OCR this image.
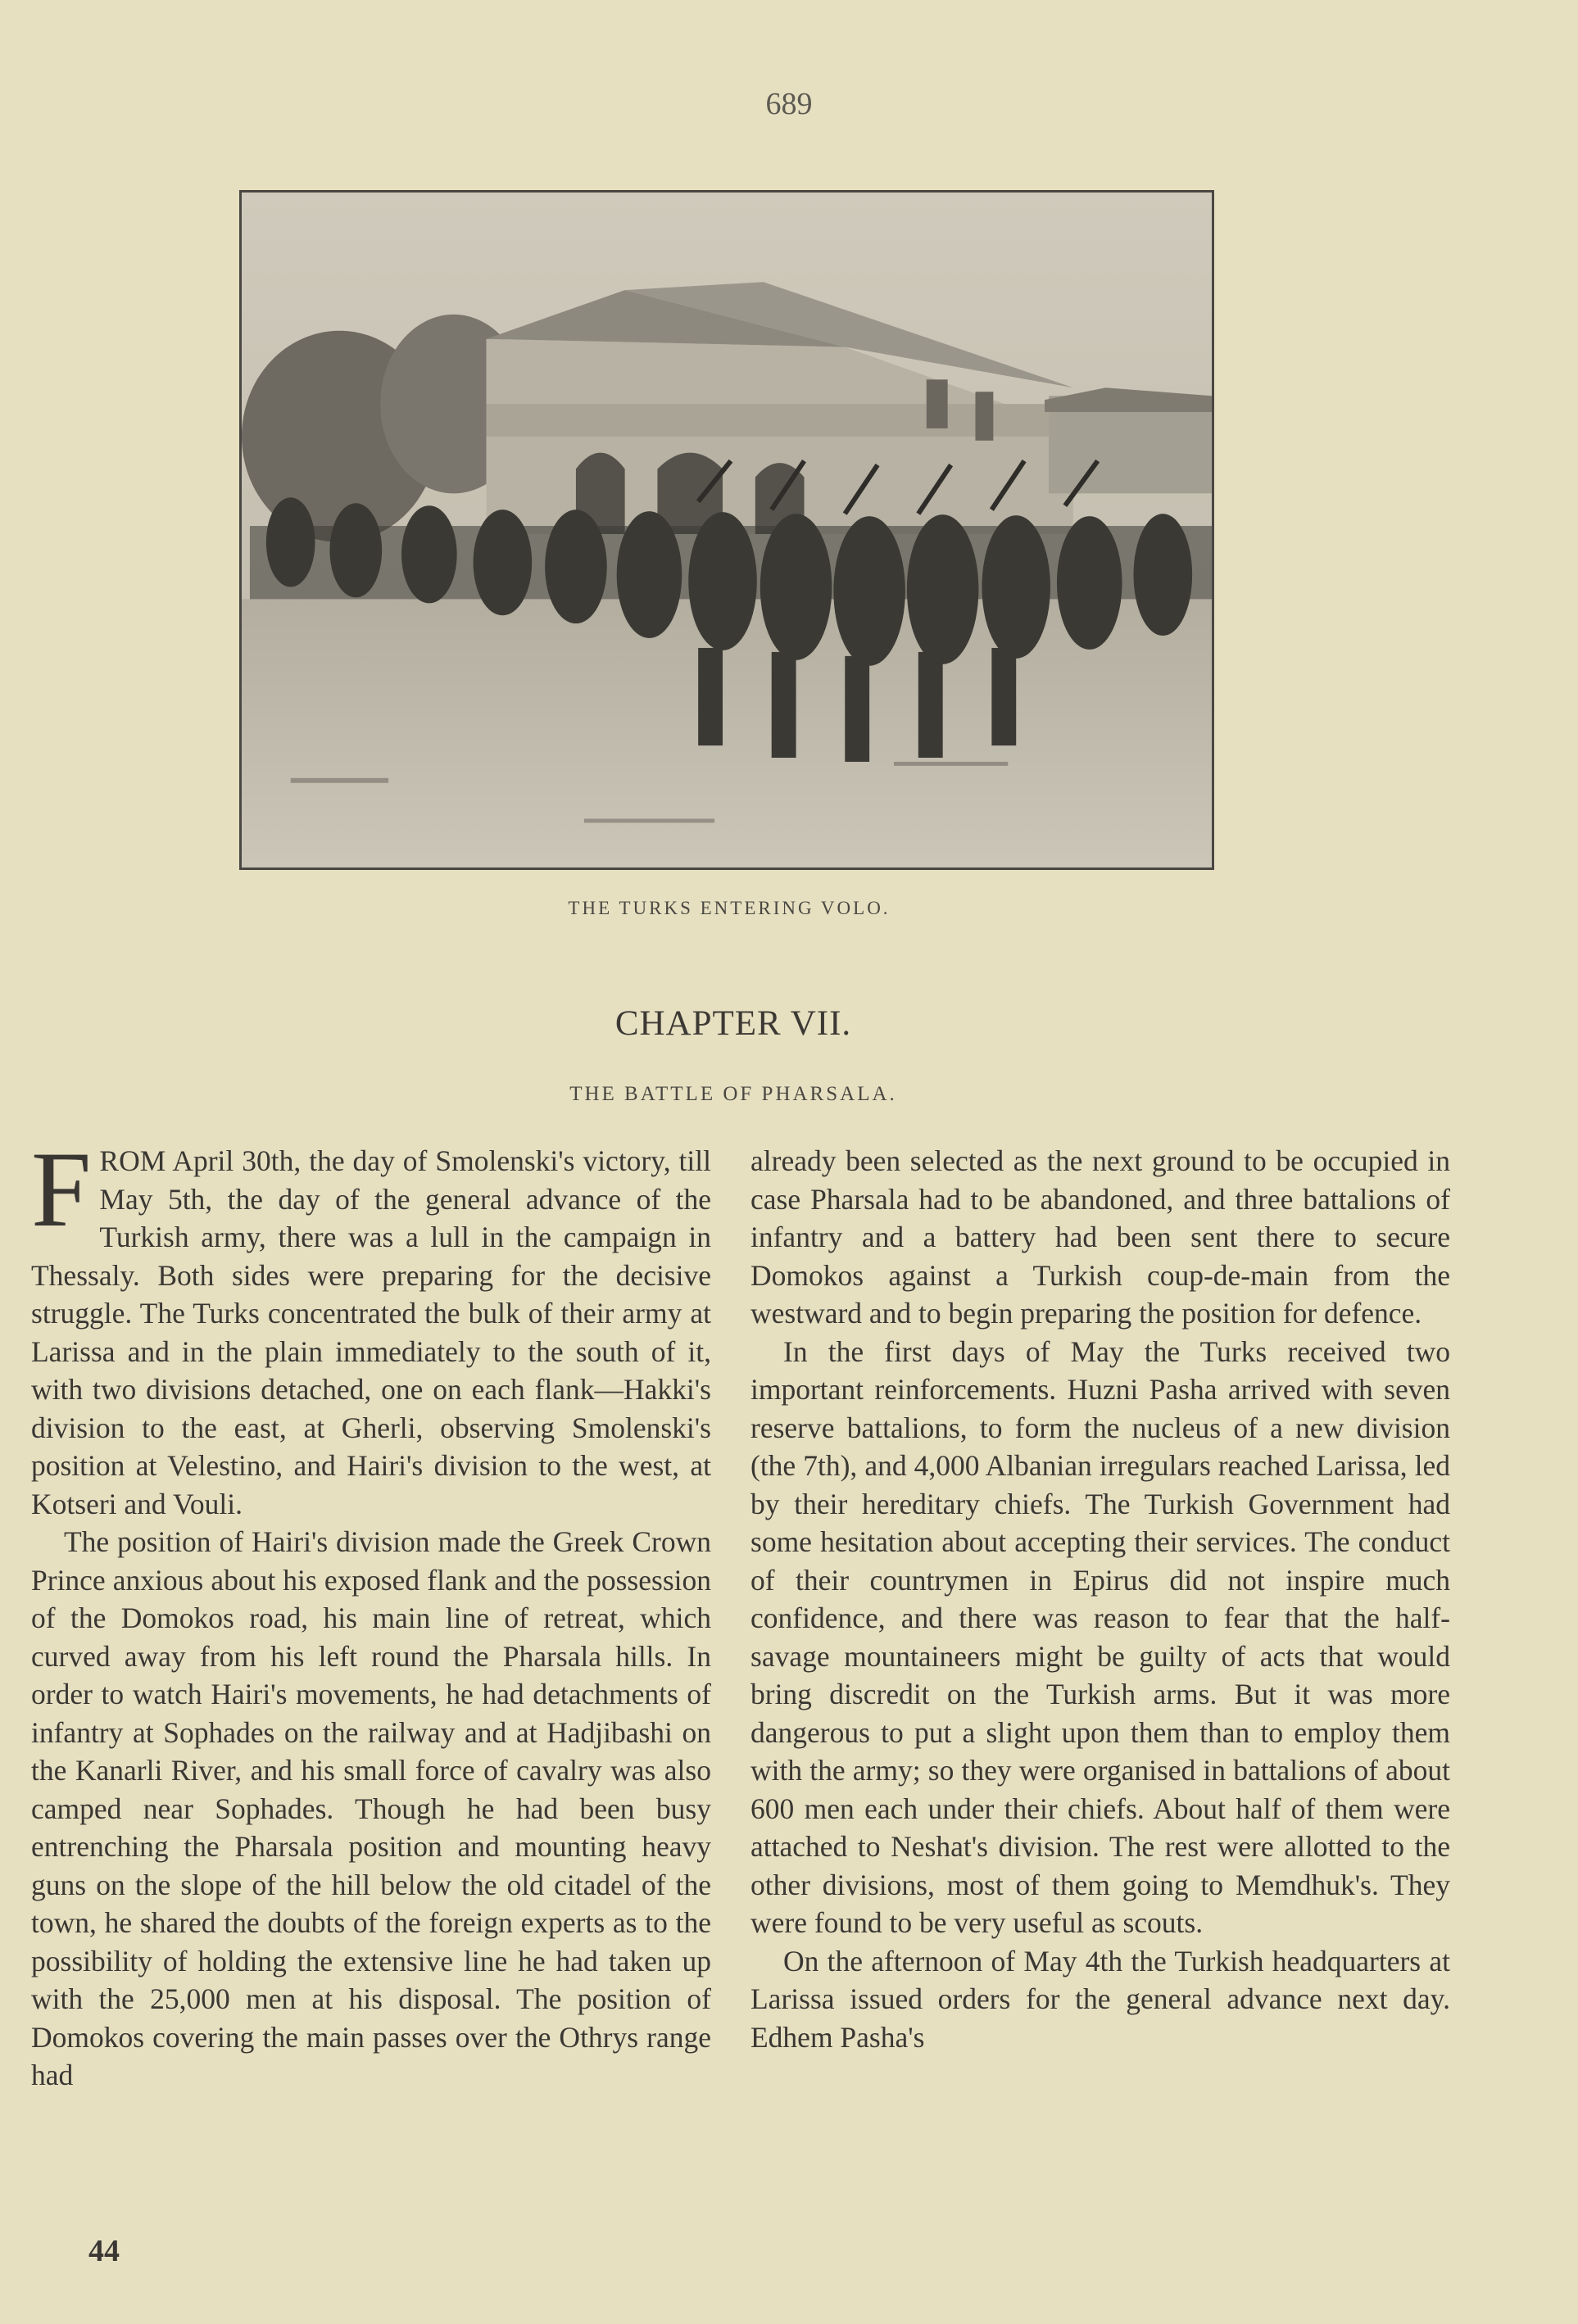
689
THE TURKS ENTERING VOLO.
CHAPTER VII.
THE BATTLE OF PHARSALA.

FROM April 30th, the day of Smolenski's victory, till May 5th, the day of the general advance of the Turkish army, there was a lull in the campaign in Thessaly. Both sides were preparing for the decisive struggle. The Turks concentrated the bulk of their army at Larissa and in the plain immediately to the south of it, with two divisions detached, one on each flank—Hakki's division to the east, at Gherli, observing Smolenski's position at Velestino, and Hairi's division to the west, at Kotseri and Vouli.

The position of Hairi's division made the Greek Crown Prince anxious about his exposed flank and the possession of the Domokos road, his main line of retreat, which curved away from his left round the Pharsala hills. In order to watch Hairi's movements, he had detachments of infantry at Sophades on the railway and at Hadjibashi on the Kanarli River, and his small force of cavalry was also camped near Sophades. Though he had been busy entrenching the Pharsala position and mounting heavy guns on the slope of the hill below the old citadel of the town, he shared the doubts of the foreign experts as to the possibility of holding the extensive line he had taken up with the 25,000 men at his disposal. The position of Domokos covering the main passes over the Othrys range had

already been selected as the next ground to be occupied in case Pharsala had to be abandoned, and three battalions of infantry and a battery had been sent there to secure Domokos against a Turkish coup-de-main from the westward and to begin preparing the position for defence.

In the first days of May the Turks received two important reinforcements. Huzni Pasha arrived with seven reserve battalions, to form the nucleus of a new division (the 7th), and 4,000 Albanian irregulars reached Larissa, led by their hereditary chiefs. The Turkish Government had some hesitation about accepting their services. The conduct of their countrymen in Epirus did not inspire much confidence, and there was reason to fear that the half-savage mountaineers might be guilty of acts that would bring discredit on the Turkish arms. But it was more dangerous to put a slight upon them than to employ them with the army; so they were organised in battalions of about 600 men each under their chiefs. About half of them were attached to Neshat's division. The rest were allotted to the other divisions, most of them going to Memdhuk's. They were found to be very useful as scouts.

On the afternoon of May 4th the Turkish headquarters at Larissa issued orders for the general advance next day. Edhem Pasha's

44
